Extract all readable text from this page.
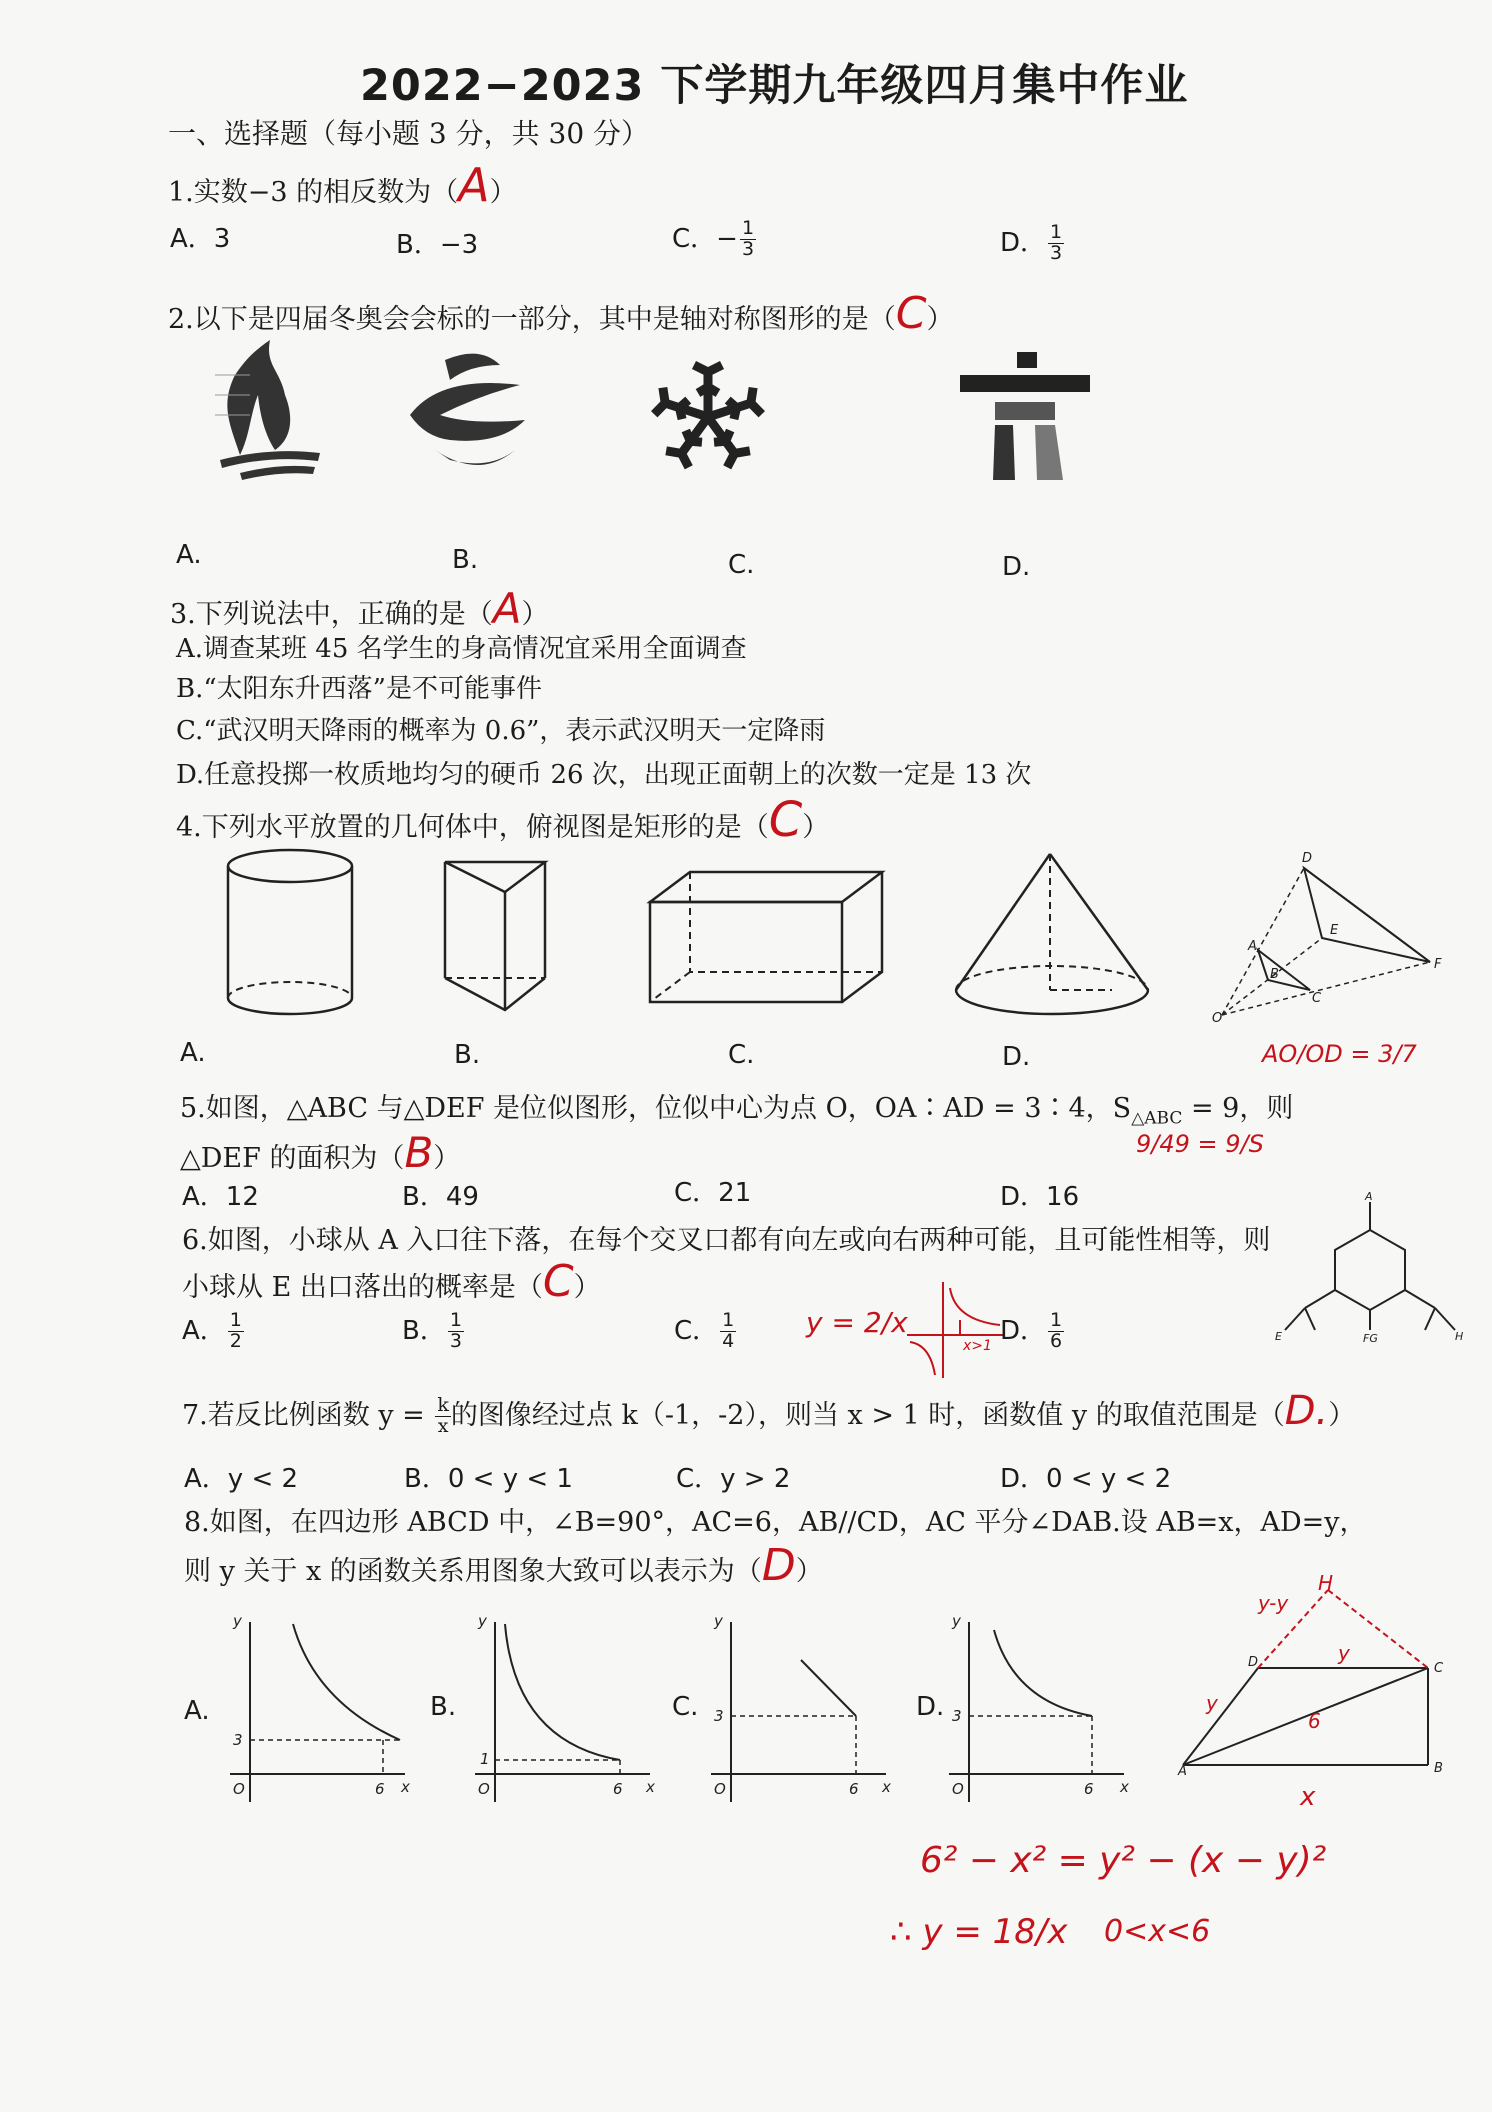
2022−2023 下学期九年级四月集中作业
一、选择题（每小题 3 分，共 30 分）
1.实数−3 的相反数为（A）
A．3	B．−3	C．− $\frac{1}{3}$	D． $\frac{1}{3}$
2.以下是四届冬奥会会标的一部分，其中是轴对称图形的是（C）
A.	B.	C.	D.
3.下列说法中，正确的是（A）
A.调查某班 45 名学生的身高情况宜采用全面调查
B.“太阳东升西落”是不可能事件
C.“武汉明天降雨的概率为 0.6”，表示武汉明天一定降雨
D.任意投掷一枚质地均匀的硬币 26 次，出现正面朝上的次数一定是 13 次
4.下列水平放置的几何体中，俯视图是矩形的是（C）
D
E
F
A
B
C
O
A.	B.	C.	D.	AO/OD = 3/7
5.如图，△ABC 与△DEF 是位似图形，位似中心为点 O，OA∶AD = 3∶4，$S_{\triangle ABC} = 9$，则
△DEF 的面积为（B）	9/49 = 9/S
A．12	B．49	C．21	D．16
6.如图，小球从 A 入口往下落，在每个交叉口都有向左或向右两种可能，且可能性相等，则
小球从 E 出口落出的概率是（C）
A
E	H
FG
A． $\frac{1}{2}$	B． $\frac{1}{3}$	C． $\frac{1}{4}$ y = 2/x
x>1 D． $\frac{1}{6}$
7.若反比例函数 $y = \frac{k}{x}$ 的图像经过点 k（-1，-2），则当 x > 1 时，函数值 y 的取值范围是（D.）
A．y < 2	B．0 < y < 1	C．y > 2	D．0 < y < 2
8.如图，在四边形 ABCD 中，∠B=90°，AC=6，AB//CD，AC 平分∠DAB.设 AB=x，AD=y，
则 y 关于 x 的函数关系用图象大致可以表示为（D）
A.	B.	C.	D.
y
x
O
3
6
y
x
O
1
6
y
x
O
3
6
y
x
O
3
6
D	C
B
A
y
y
6
y-y
H
x
6² − x² = y² − (x − y)²
∴ y = 18/x 0<x<6
